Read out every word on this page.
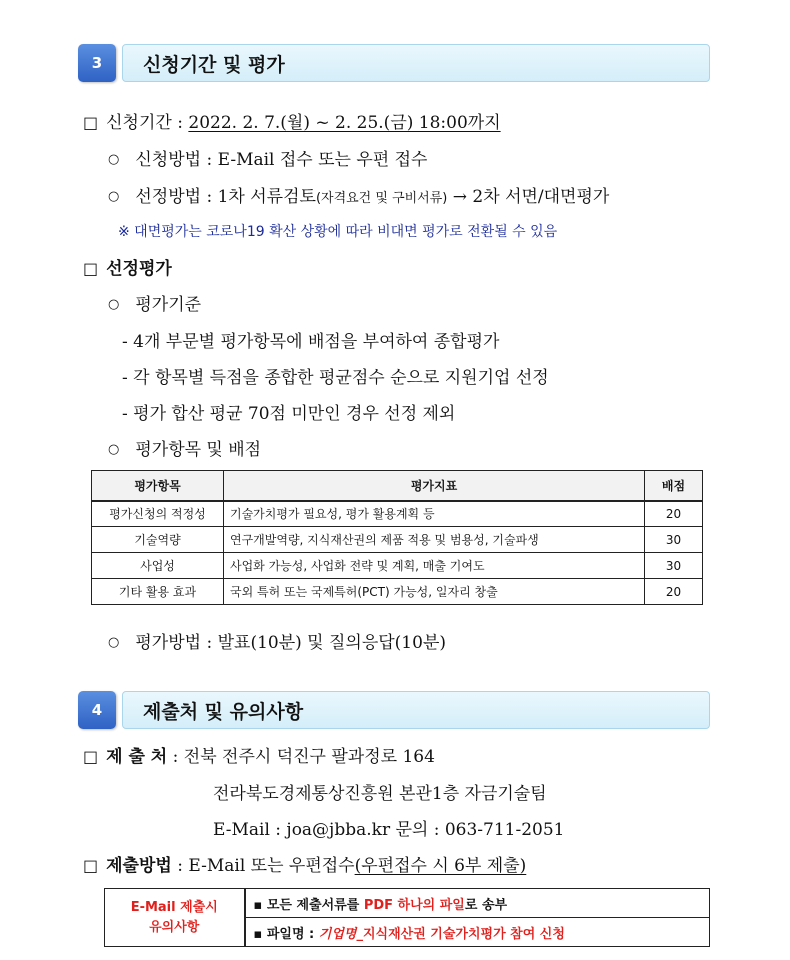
3	신청기간 및 평가
□ 신청기간 : 2022. 2. 7.(월) ~ 2. 25.(금) 18:00까지
○ 신청방법 : E-Mail 접수 또는 우편 접수
○ 선정방법 : 1차 서류검토(자격요건 및 구비서류) → 2차 서면/대면평가
※ 대면평가는 코로나19 확산 상황에 따라 비대면 평가로 전환될 수 있음
□ 선정평가
○ 평가기준
- 4개 부문별 평가항목에 배점을 부여하여 종합평가
- 각 항목별 득점을 종합한 평균점수 순으로 지원기업 선정
- 평가 합산 평균 70점 미만인 경우 선정 제외
○ 평가항목 및 배점
평가항목	평가지표	배점
평가신청의 적정성	기술가치평가 필요성, 평가 활용계획 등	20
기술역량	연구개발역량, 지식재산권의 제품 적용 및 범용성, 기술파생	30
사업성	사업화 가능성, 사업화 전략 및 계획, 매출 기여도	30
기타 활용 효과	국외 특허 또는 국제특허(PCT) 가능성, 일자리 창출	20
○ 평가방법 : 발표(10분) 및 질의응답(10분)
4	제출처 및 유의사항
□ 제 출 처 : 전북 전주시 덕진구 팔과정로 164
전라북도경제통상진흥원 본관1층 자금기술팀
E-Mail : joa@jbba.kr 문의 : 063-711-2051
□ 제출방법 : E-Mail 또는 우편접수(우편접수 시 6부 제출)
E-Mail 제출시
유의사항
	▪ 모든 제출서류를 PDF 하나의 파일로 송부
▪ 파일명 : 기업명_지식재산권 기술가치평가 참여 신청
